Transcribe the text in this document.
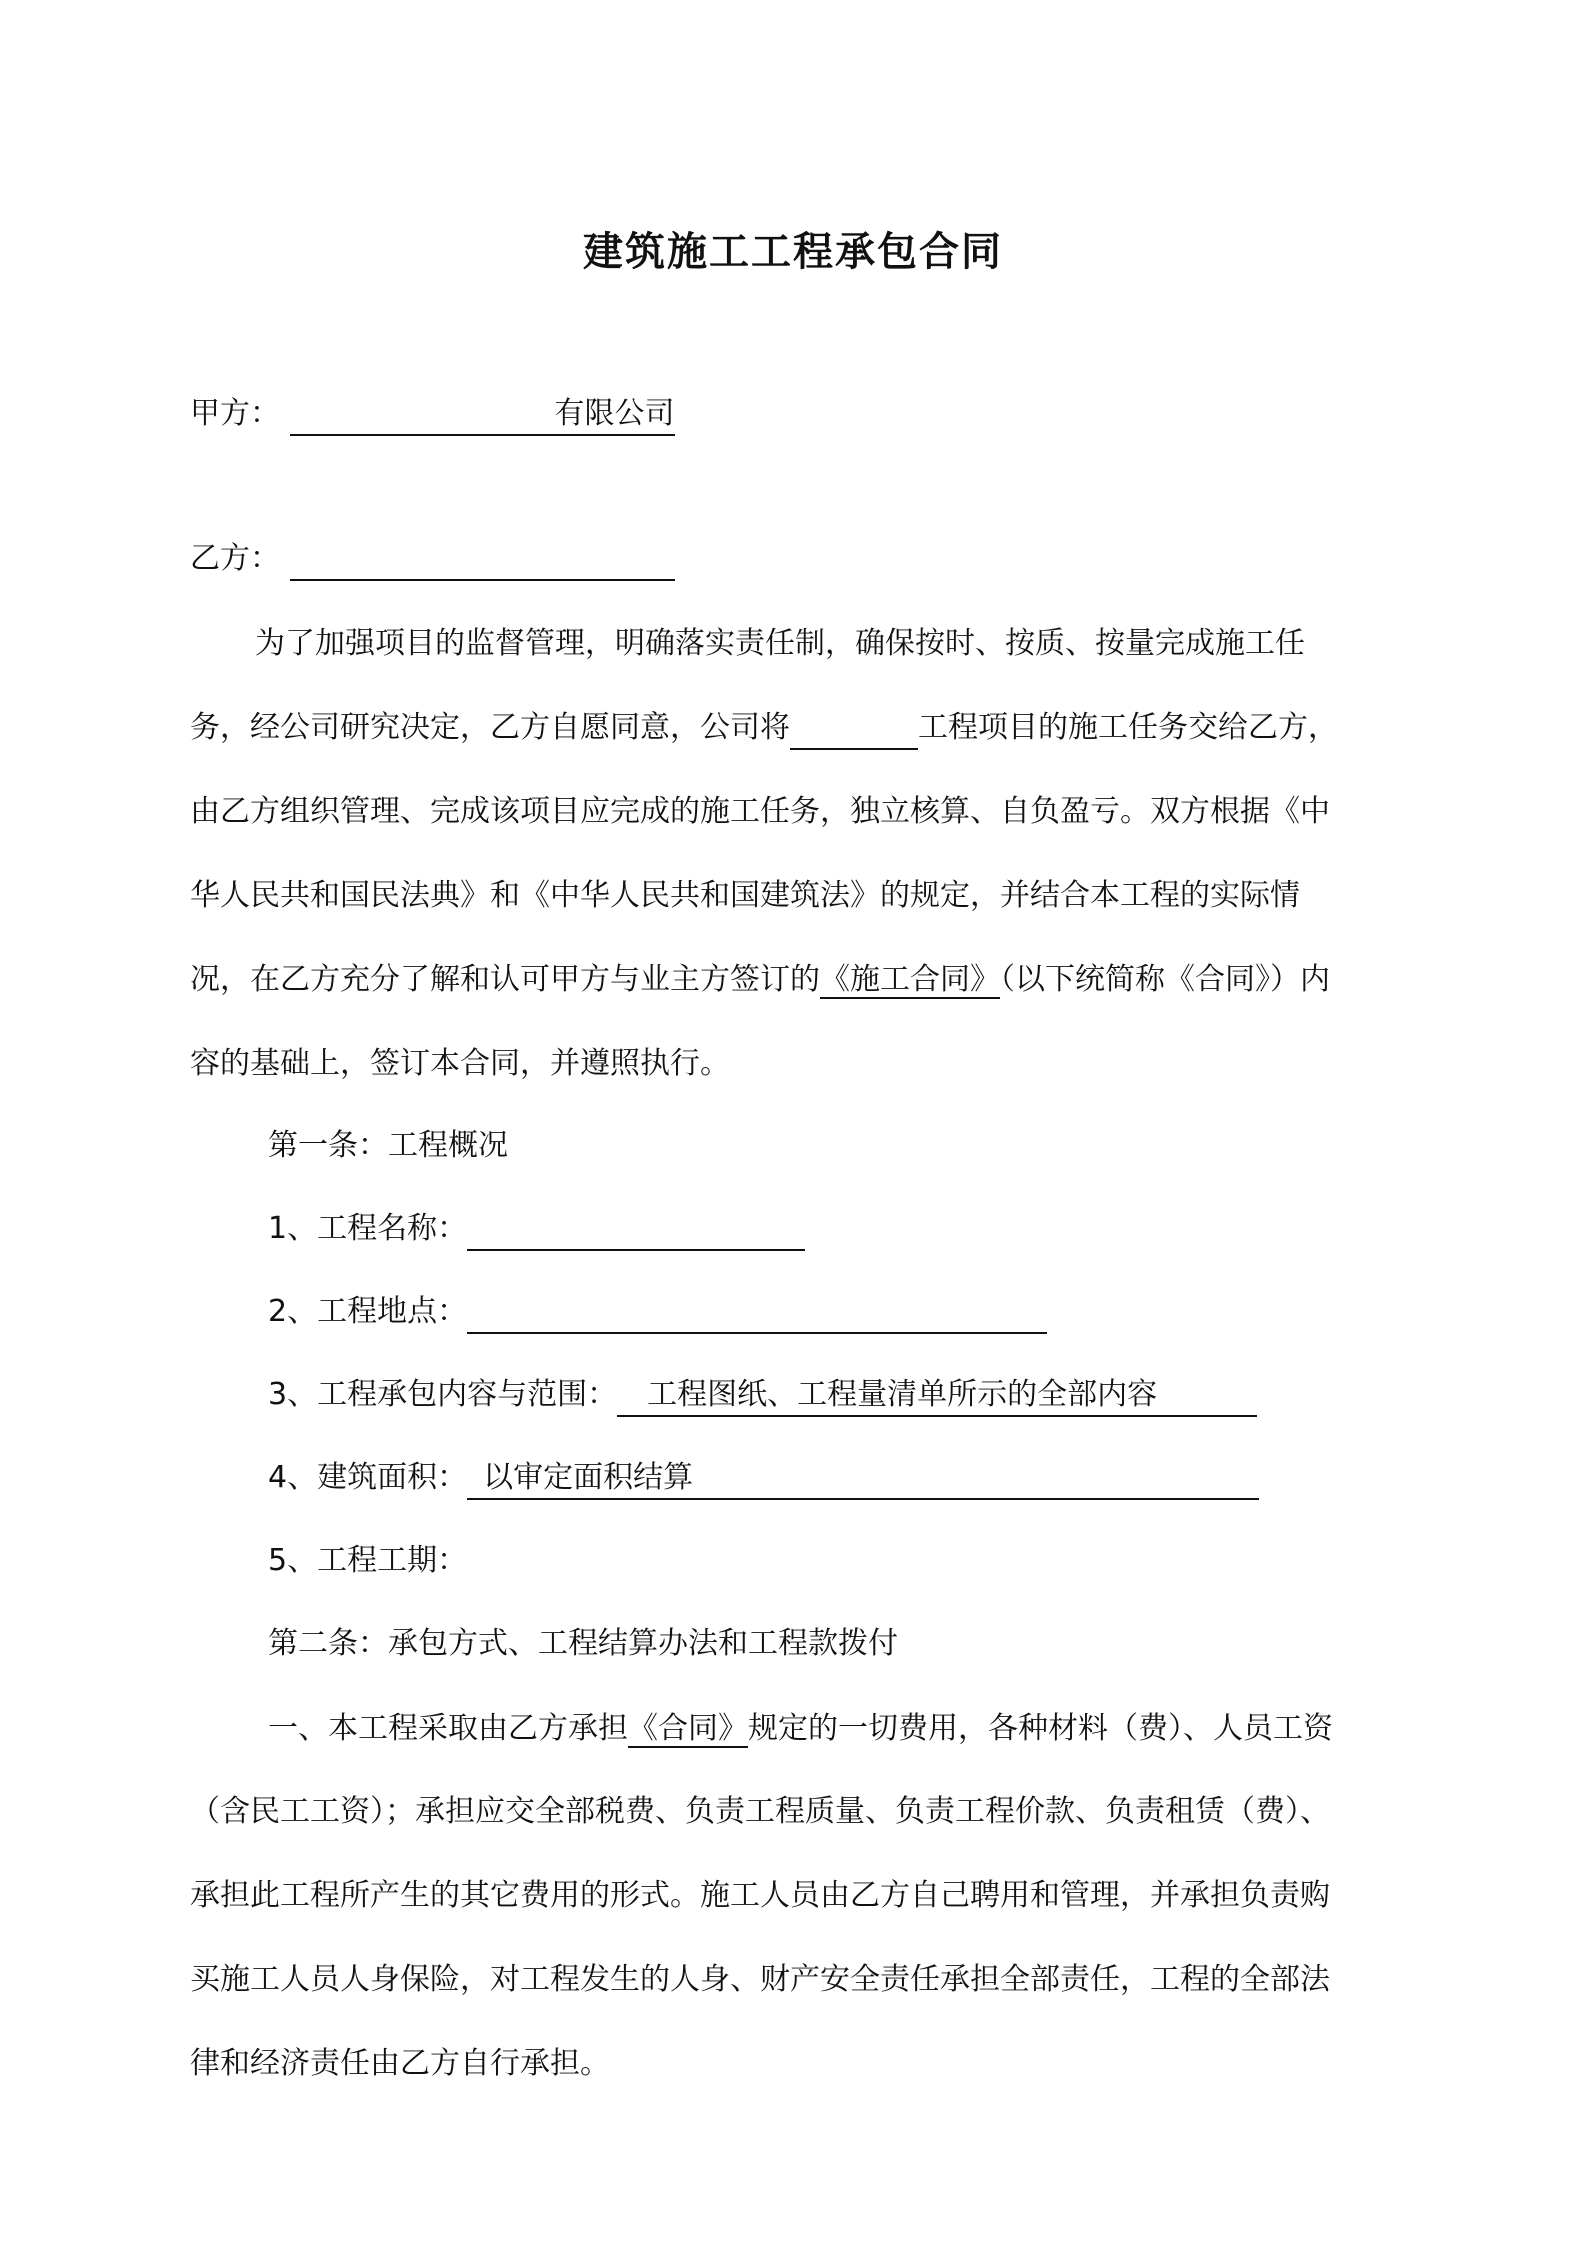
建筑施工工程承包合同
甲方：	有限公司
乙方：
为了加强项目的监督管理，明确落实责任制，确保按时、按质、按量完成施工任
务，经公司研究决定，乙方自愿同意，公司将	工程项目的施工任务交给乙方，
由乙方组织管理、完成该项目应完成的施工任务，独立核算、自负盈亏。双方根据《中
华人民共和国民法典》和《中华人民共和国建筑法》的规定，并结合本工程的实际情
况，在乙方充分了解和认可甲方与业主方签订的《施工合同》（以下统简称《合同》）内
容的基础上，签订本合同，并遵照执行。
第一条：工程概况
1、工程名称：
2、工程地点：
3、工程承包内容与范围： 工程图纸、工程量清单所示的全部内容
4、建筑面积： 以审定面积结算
5、工程工期：
第二条：承包方式、工程结算办法和工程款拨付
一、本工程采取由乙方承担《合同》规定的一切费用，各种材料（费）、人员工资
（含民工工资）；承担应交全部税费、负责工程质量、负责工程价款、负责租赁（费）、
承担此工程所产生的其它费用的形式。施工人员由乙方自己聘用和管理，并承担负责购
买施工人员人身保险，对工程发生的人身、财产安全责任承担全部责任，工程的全部法
律和经济责任由乙方自行承担。
